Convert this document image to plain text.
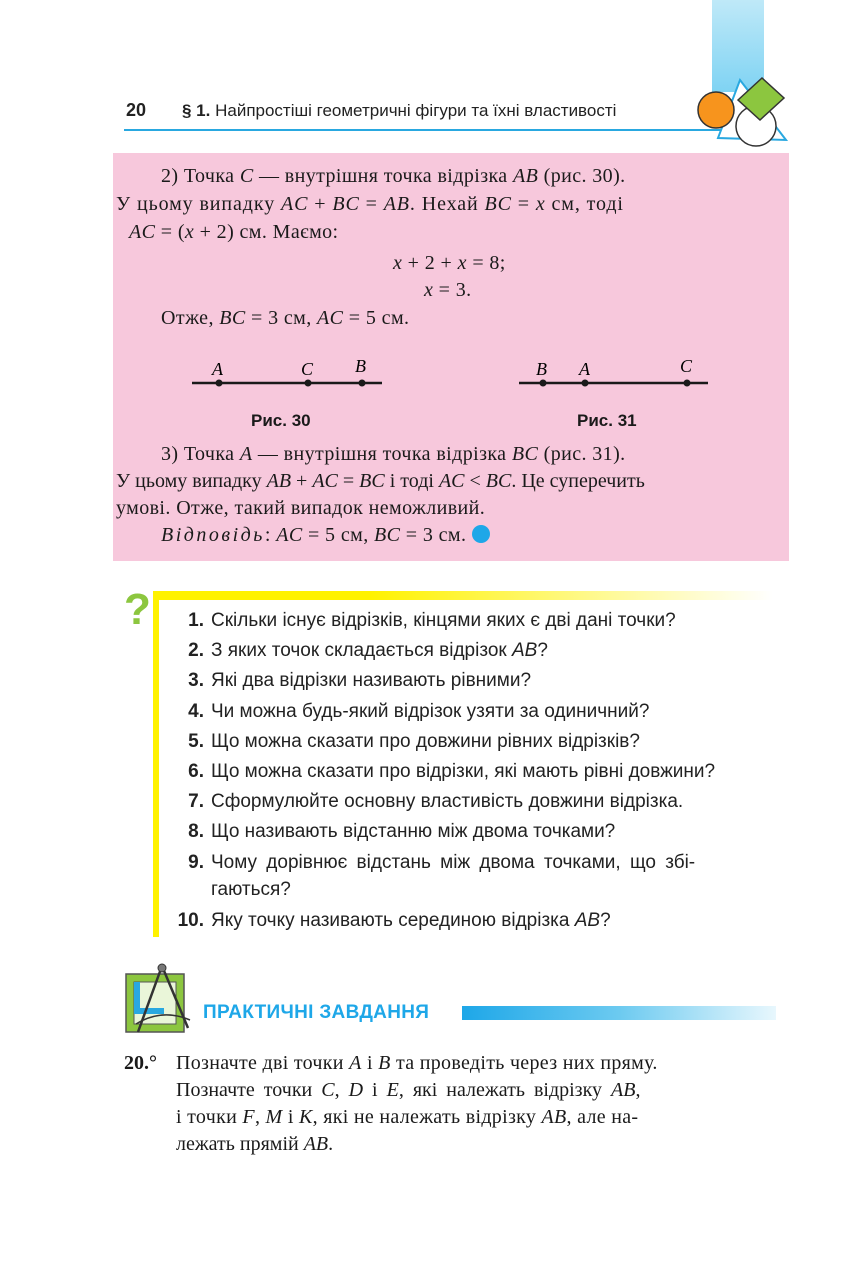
20 § 1. Найпростіші геометричні фігури та їхні властивості
2) Точка C — внутрішня точка відрізка AB (рис. 30).
У цьому випадку AC + BC = AB. Нехай BC = x см, тоді
AC = (x + 2) см. Маємо:
x + 2 + x = 8;
x = 3.
Отже, BC = 3 см, AC = 5 см.
A	C B
Рис. 30
B A	C
Рис. 31
3) Точка A — внутрішня точка відрізка BC (рис. 31).
У цьому випадку AB + AC = BC і тоді AC < BC. Це суперечить
умові. Отже, такий випадок неможливий.
Відповідь: AC = 5 см, BC = 3 см.
?	1. Скільки існує відрізків, кінцями яких є дві дані точки?
2. З яких точок складається відрізок AB?
3. Які два відрізки називають рівними?
4. Чи можна будь-який відрізок узяти за одиничний?
5. Що можна сказати про довжини рівних відрізків?
6. Що можна сказати про відрізки, які мають рівні довжини?
7. Сформулюйте основну властивість довжини відрізка.
8. Що називають відстанню між двома точками?
9. Чому дорівнює відстань між двома точками, що збі-
гаються?
10. Яку точку називають серединою відрізка AB?
ПРАКТИЧНІ ЗАВДАННЯ
20.° Позначте дві точки A і B та проведіть через них пряму.
Позначте точки C, D і E, які належать відрізку AB,
і точки F, M і K, які не належать відрізку AB, але на-
лежать прямій AB.
